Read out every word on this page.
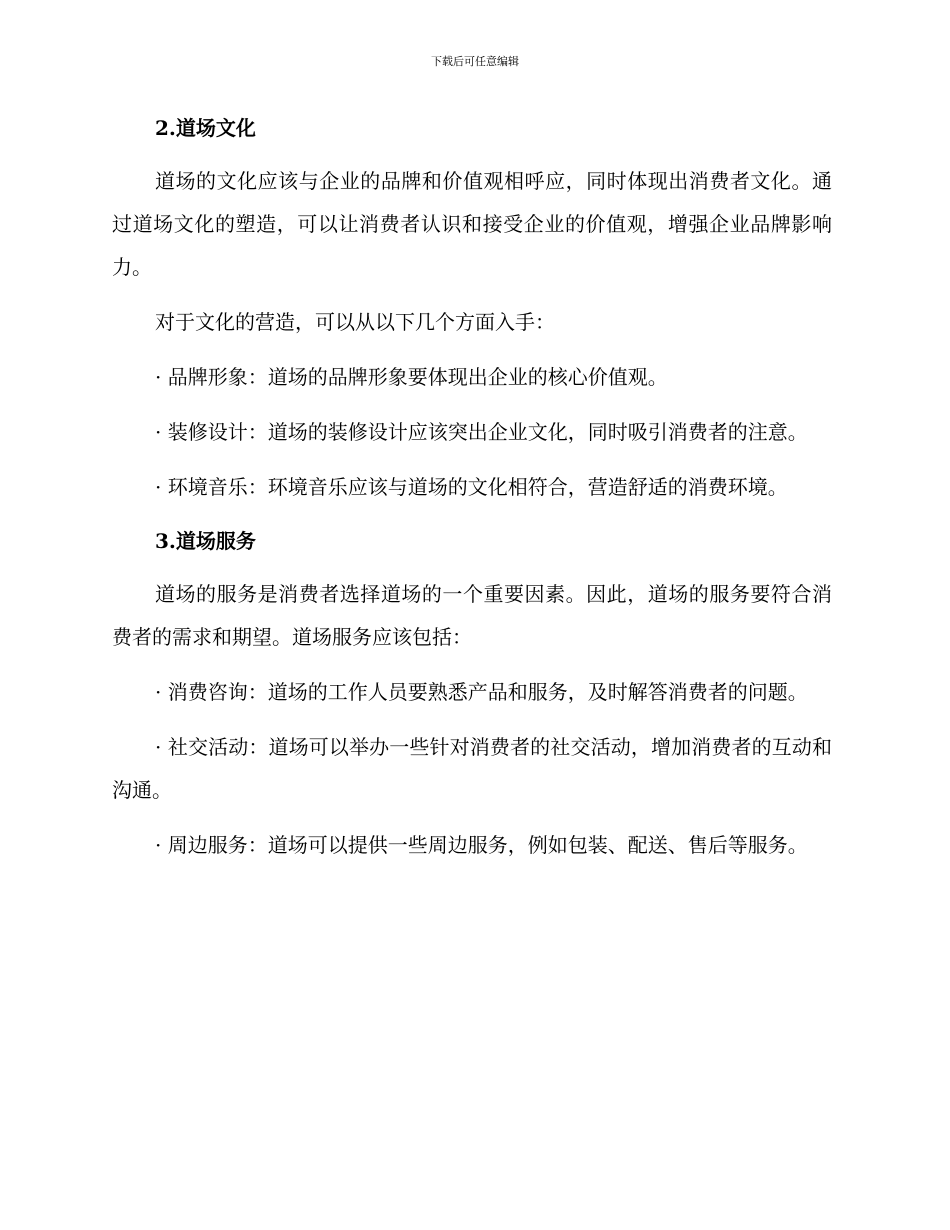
下载后可任意编辑
2.道场文化

道场的文化应该与企业的品牌和价值观相呼应，同时体现出消费者文化。通过道场文化的塑造，可以让消费者认识和接受企业的价值观，增强企业品牌影响力。

对于文化的营造，可以从以下几个方面入手：

· 品牌形象：道场的品牌形象要体现出企业的核心价值观。

· 装修设计：道场的装修设计应该突出企业文化，同时吸引消费者的注意。

· 环境音乐：环境音乐应该与道场的文化相符合，营造舒适的消费环境。

3.道场服务

道场的服务是消费者选择道场的一个重要因素。因此，道场的服务要符合消费者的需求和期望。道场服务应该包括：

· 消费咨询：道场的工作人员要熟悉产品和服务，及时解答消费者的问题。

· 社交活动：道场可以举办一些针对消费者的社交活动，增加消费者的互动和沟通。

· 周边服务：道场可以提供一些周边服务，例如包装、配送、售后等服务。
